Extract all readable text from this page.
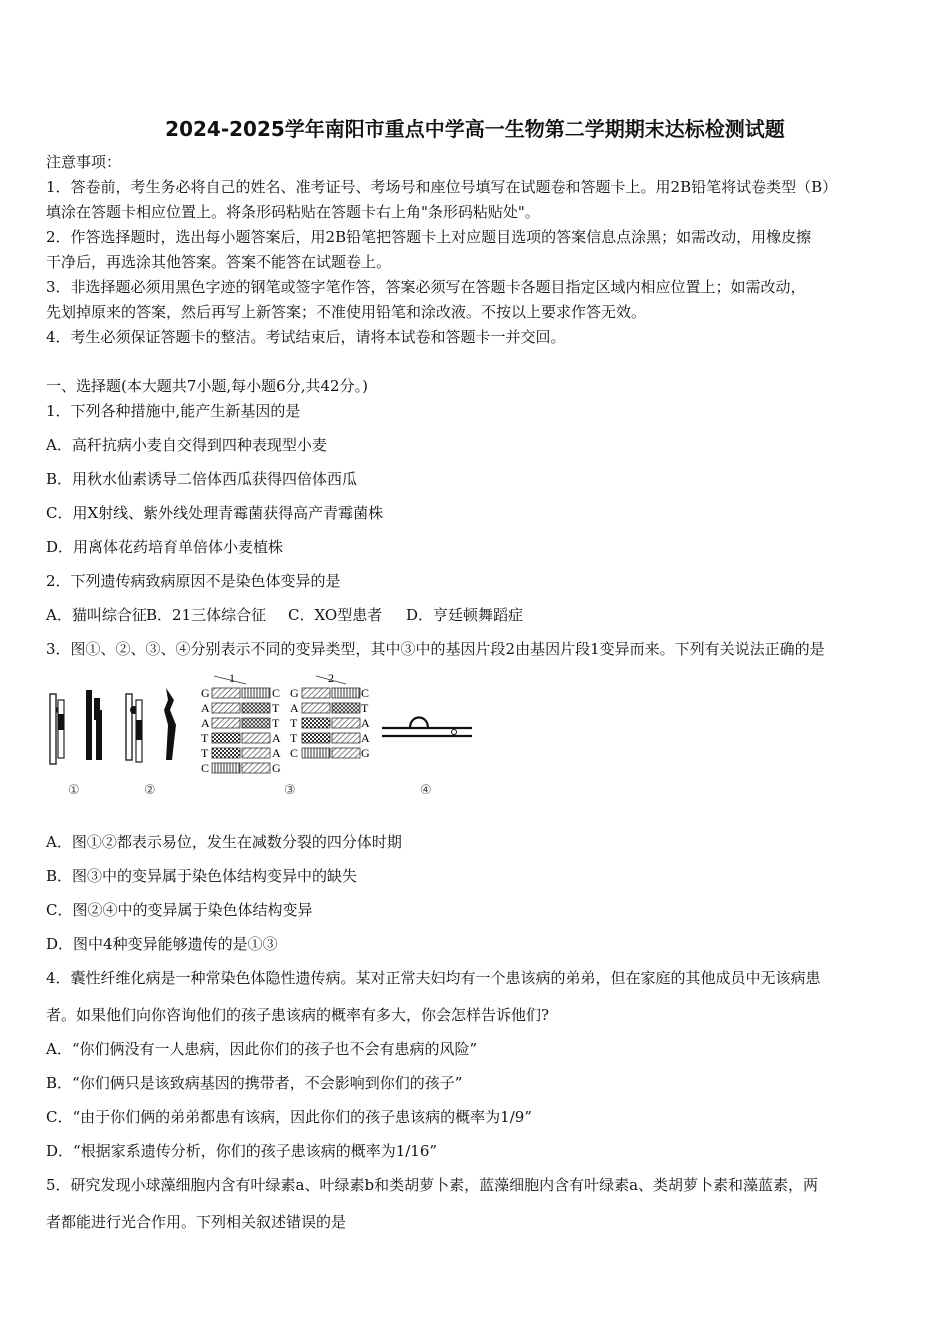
2024-2025学年南阳市重点中学高一生物第二学期期末达标检测试题
注意事项：
1．答卷前，考生务必将自己的姓名、准考证号、考场号和座位号填写在试题卷和答题卡上。用2B铅笔将试卷类型（B）
填涂在答题卡相应位置上。将条形码粘贴在答题卡右上角"条形码粘贴处"。
2．作答选择题时，选出每小题答案后，用2B铅笔把答题卡上对应题目选项的答案信息点涂黑；如需改动，用橡皮擦
干净后，再选涂其他答案。答案不能答在试题卷上。
3．非选择题必须用黑色字迹的钢笔或签字笔作答，答案必须写在答题卡各题目指定区域内相应位置上；如需改动，
先划掉原来的答案，然后再写上新答案；不准使用铅笔和涂改液。不按以上要求作答无效。
4．考生必须保证答题卡的整洁。考试结束后，请将本试卷和答题卡一并交回。
一、选择题(本大题共7小题,每小题6分,共42分。)
1．下列各种措施中,能产生新基因的是
A．高秆抗病小麦自交得到四种表现型小麦
B．用秋水仙素诱导二倍体西瓜获得四倍体西瓜
C．用X射线、紫外线处理青霉菌获得高产青霉菌株
D．用离体花药培育单倍体小麦植株
2．下列遗传病致病原因不是染色体变异的是
A．猫叫综合征B．21三体综合征 C．XO型患者 D．亨廷顿舞蹈症
3．图①、②、③、④分别表示不同的变异类型，其中③中的基因片段2由基因片段1变异而来。下列有关说法正确的是
1
G
A
A
T
T
C
C
T
T
A
A
G
2
G
A
T
T
C
C
T
A
A
G
①	②	③	④
A．图①②都表示易位，发生在减数分裂的四分体时期
B．图③中的变异属于染色体结构变异中的缺失
C．图②④中的变异属于染色体结构变异
D．图中4种变异能够遗传的是①③
4．囊性纤维化病是一种常染色体隐性遗传病。某对正常夫妇均有一个患该病的弟弟，但在家庭的其他成员中无该病患
者。如果他们向你咨询他们的孩子患该病的概率有多大，你会怎样告诉他们?
A．“你们俩没有一人患病，因此你们的孩子也不会有患病的风险”
B．“你们俩只是该致病基因的携带者，不会影响到你们的孩子”
C．“由于你们俩的弟弟都患有该病，因此你们的孩子患该病的概率为1/9”
D．“根据家系遗传分析，你们的孩子患该病的概率为1/16”
5．研究发现小球藻细胞内含有叶绿素a、叶绿素b和类胡萝卜素，蓝藻细胞内含有叶绿素a、类胡萝卜素和藻蓝素，两
者都能进行光合作用。下列相关叙述错误的是
